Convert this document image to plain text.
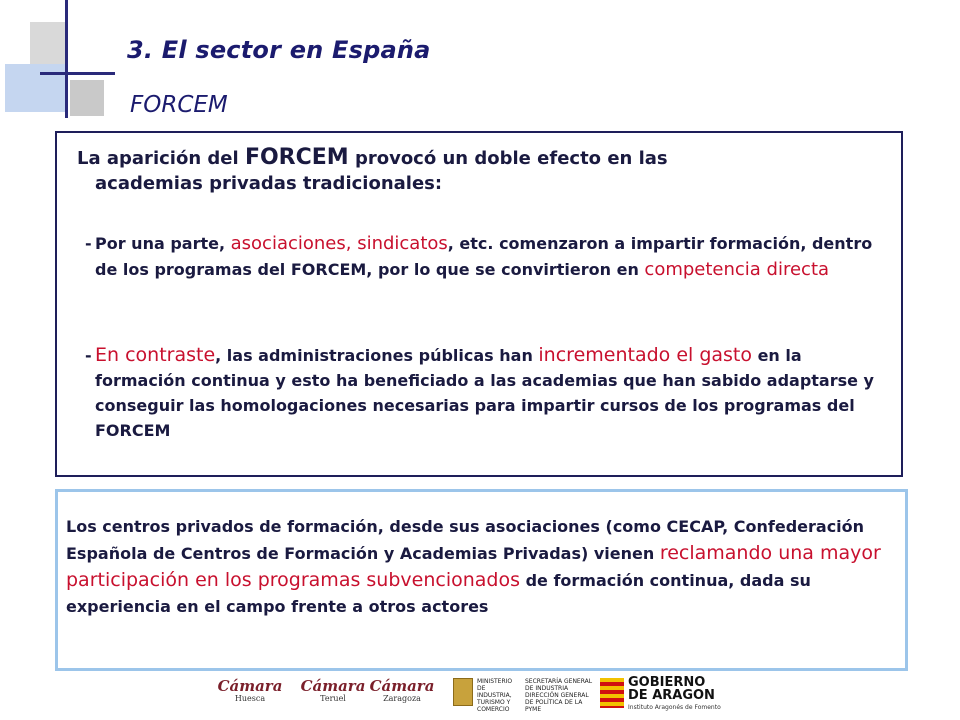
3. El sector en España
FORCEM
La aparición del FORCEM provocó un doble efecto en las
academias privadas tradicionales:
- Por una parte, asociaciones, sindicatos, etc. comenzaron a impartir formación, dentro de los programas del FORCEM, por lo que se convirtieron en competencia directa
- En contraste, las administraciones públicas han incrementado el gasto en la formación continua y esto ha beneficiado a las academias que han sabido adaptarse y conseguir las homologaciones necesarias para impartir cursos de los programas del FORCEM
Los centros privados de formación, desde sus asociaciones (como CECAP, Confederación Española de Centros de Formación y Academias Privadas) vienen reclamando una mayor participación en los programas subvencionados de formación continua, dada su experiencia en el campo frente a otros actores
Cámara
Huesca
Cámara
Teruel
Cámara
Zaragoza
MINISTERIO DE INDUSTRIA, TURISMO Y COMERCIO
SECRETARÍA GENERAL DE INDUSTRIA DIRECCIÓN GENERAL DE POLÍTICA DE LA PYME
GOBIERNO
DE ARAGON
Instituto Aragonés de Fomento
